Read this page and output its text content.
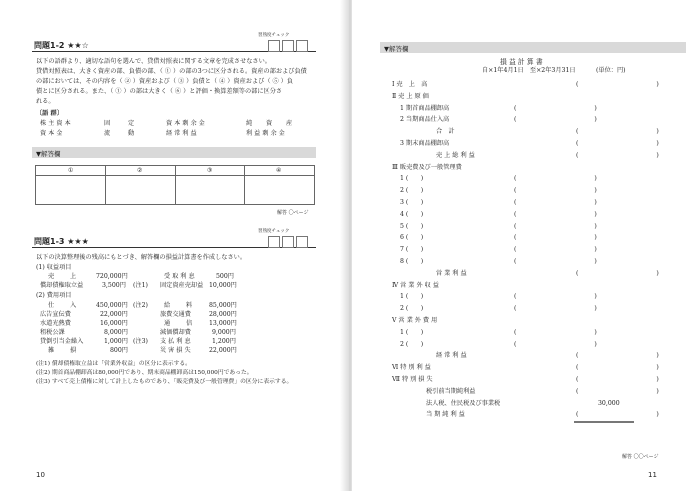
問題1-2 ★★☆
習熟度チェック
以下の語群より、適切な語句を選んで、貸借対照表に関する文章を完成させなさい。
貸借対照表は、大きく資産の部、負債の部、（ ① ）の部の3つに区分される。資産の部および負債
の部においては、その内容を（ ② ）資産および（ ③ ）負債と（ ④ ）資産および（ ⑤ ）負
債とに区分される。また、（ ① ）の部は大きく（ ⑥ ）と評価・換算差額等の部に区分さ
れる。
〔語 群〕
株 主 資 本	固	定	資 本 剰 余 金	純 資 産
資 本 金	流	動	経 常 利 益	利 益 剰 余 金
▼解答欄
①	②	③	④
解答 〇ページ
問題1-3 ★★★
習熟度チェック
以下の決算整理後の残高にもとづき、解答欄の損益計算書を作成しなさい。
(1) 収益項目
売	上	720,000円	受 取 利 息	500円
償却債権取立益	3,500円 (注1) 固定資産売却益 10,000円
(2) 費用項目
仕	入	450,000円 (注2)	給	料	85,000円
広告宣伝費	22,000円	旅費交通費	28,000円
水道光熱費	16,000円	通	信	13,000円
租税公課	8,000円	減価償却費	9,000円
貸倒引当金繰入	1,000円 (注3) 支 払 利 息	1,200円
雑	損	800円	災 害 損 失	22,000円
(注1) 償却債権取立益は「営業外収益」の区分に表示する。
(注2) 期首商品棚卸高は80,000円であり、期末商品棚卸高は150,000円であった。
(注3) すべて売上債権に対して計上したものであり、「販売費及び一般管理費」の区分に表示する。
10
▼解答欄
損 益 計 算 書
自×1年4月1日　至×2年3月31日	(単位：円)
Ⅰ 売　上　高	( )
Ⅱ 売 上 原 価
1 期首商品棚卸高	( )
2 当期商品仕入高	( )
合　計	( )
3 期末商品棚卸高	( )
売 上 総 利 益	( )
Ⅲ 販売費及び一般管理費
1 (　　)	( )
2 (　　)	( )
3 (　　)	( )
4 (　　)	( )
5 (　　)	( )
6 (　　)	( )
7 (　　)	( )
8 (　　)	( )
営 業 利 益	( )
Ⅳ 営 業 外 収 益
1 (　　)	( )
2 (　　)	( )
Ⅴ 営 業 外 費 用
1 (　　)	( )
2 (　　)	( )
経 常 利 益	( )
Ⅵ 特 別 利 益	( )
Ⅶ 特 別 損 失	( )
税引前当期純利益	( )
法人税、住民税及び事業税	30,000
当 期 純 利 益	( )
解答 〇〇ページ
11
